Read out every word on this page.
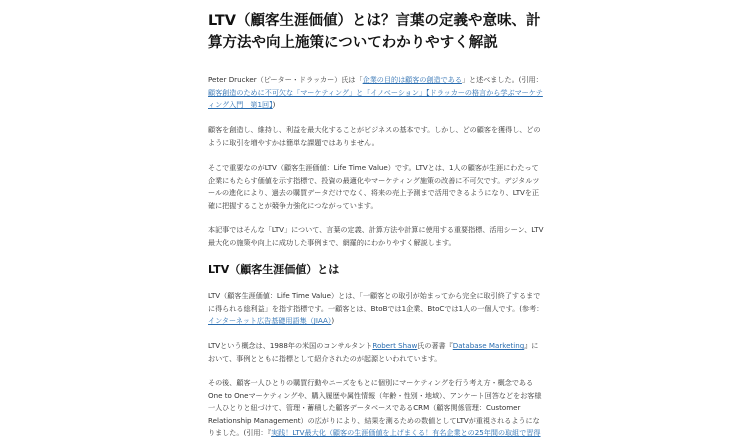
LTV（顧客生涯価値）とは？言葉の定義や意味、計算方法や向上施策についてわかりやすく解説

Peter Drucker（ピーター・ドラッカー）氏は「企業の目的は顧客の創造である」と述べました。(引用：顧客創造のために不可欠な「マーケティング」と「イノベーション」【ドラッカーの格言から学ぶマーケティング入門　第1回】)

顧客を創造し、維持し、利益を最大化することがビジネスの基本です。しかし、どの顧客を獲得し、どのように取引を増やすかは簡単な課題ではありません。

そこで重要なのがLTV（顧客生涯価値：Life Time Value）です。LTVとは、1人の顧客が生涯にわたって企業にもたらす価値を示す指標で、投資の最適化やマーケティング施策の改善に不可欠です。デジタルツールの進化により、過去の購買データだけでなく、将来の売上予測まで活用できるようになり、LTVを正確に把握することが競争力強化につながっています。

本記事ではそんな「LTV」について、言葉の定義、計算方法や計算に使用する重要指標、活用シーン、LTV最大化の施策や向上に成功した事例まで、網羅的にわかりやすく解説します。

LTV（顧客生涯価値）とは

LTV（顧客生涯価値：Life Time Value）とは、「一顧客との取引が始まってから完全に取引終了するまでに得られる総利益」を指す指標です。一顧客とは、BtoBでは1企業、BtoCでは1人の一個人です。(参考：インターネット広告基礎用語集（JIAA）)

LTVという概念は、1988年の米国のコンサルタントRobert Shaw氏の著書『Database Marketing』において、事例とともに指標として紹介されたのが起源といわれています。

その後、顧客一人ひとりの購買行動やニーズをもとに個別にマーケティングを行う考え方・概念であるOne to Oneマーケティングや、購入履歴や属性情報（年齢・性別・地域）、アンケート回答などをお客様一人ひとりと紐づけて、管理・蓄積した顧客データベースであるCRM（顧客関係管理：Customer Relationship Management）の広がりにより、結果を測るための数値としてLTVが重視されるようになりました。(引用：『実践！LTV最大化（顧客の生涯価値を上げまくる！有名企業との25年間の取組で習得
